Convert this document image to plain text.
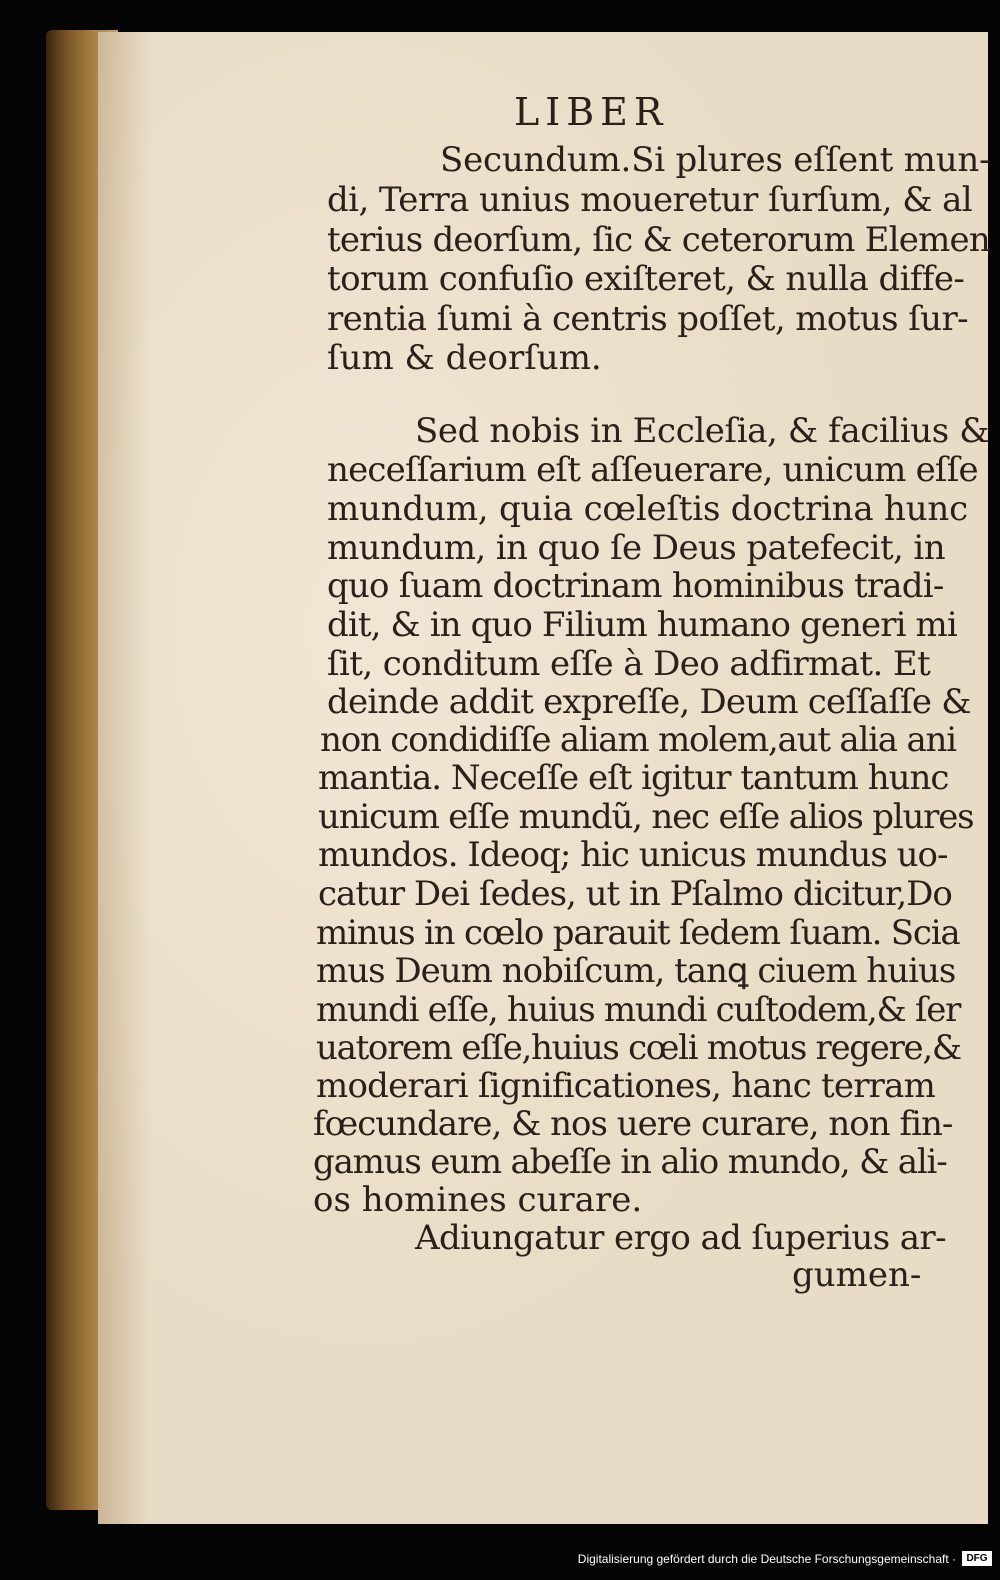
LIBER
Secundum.Si plures eſſent mun-
di, Terra unius moueretur ſurſum, & al
terius deorſum, ſic & ceterorum Elemen
torum confuſio exiſteret, & nulla diffe-
rentia ſumi à centris poſſet, motus ſur-
ſum & deorſum.
Sed nobis in Eccleſia, & facilius &
neceſſarium eſt aſſeuerare, unicum eſſe
mundum, quia cœleſtis doctrina hunc
mundum, in quo ſe Deus patefecit, in
quo ſuam doctrinam hominibus tradi-
dit, & in quo Filium humano generi mi
ſit, conditum eſſe à Deo adfirmat. Et
deinde addit expreſſe, Deum ceſſaſſe &
non condidiſſe aliam molem,aut alia ani
mantia. Neceſſe eſt igitur tantum hunc
unicum eſſe mundũ, nec eſſe alios plures
mundos. Ideoq; hic unicus mundus uo-
catur Dei ſedes, ut in Pſalmo dicitur,Do
minus in cœlo parauit ſedem ſuam. Scia
mus Deum nobiſcum, tanꝗ ciuem huius
mundi eſſe, huius mundi cuſtodem,& ſer
uatorem eſſe,huius cœli motus regere,&
moderari ſignificationes, hanc terram
fœcundare, & nos uere curare, non fin-
gamus eum abeſſe in alio mundo, & ali-
os homines curare.
Adiungatur ergo ad ſuperius ar-
gumen-
Digitalisierung gefördert durch die Deutsche Forschungsgemeinschaft ·	DFG
